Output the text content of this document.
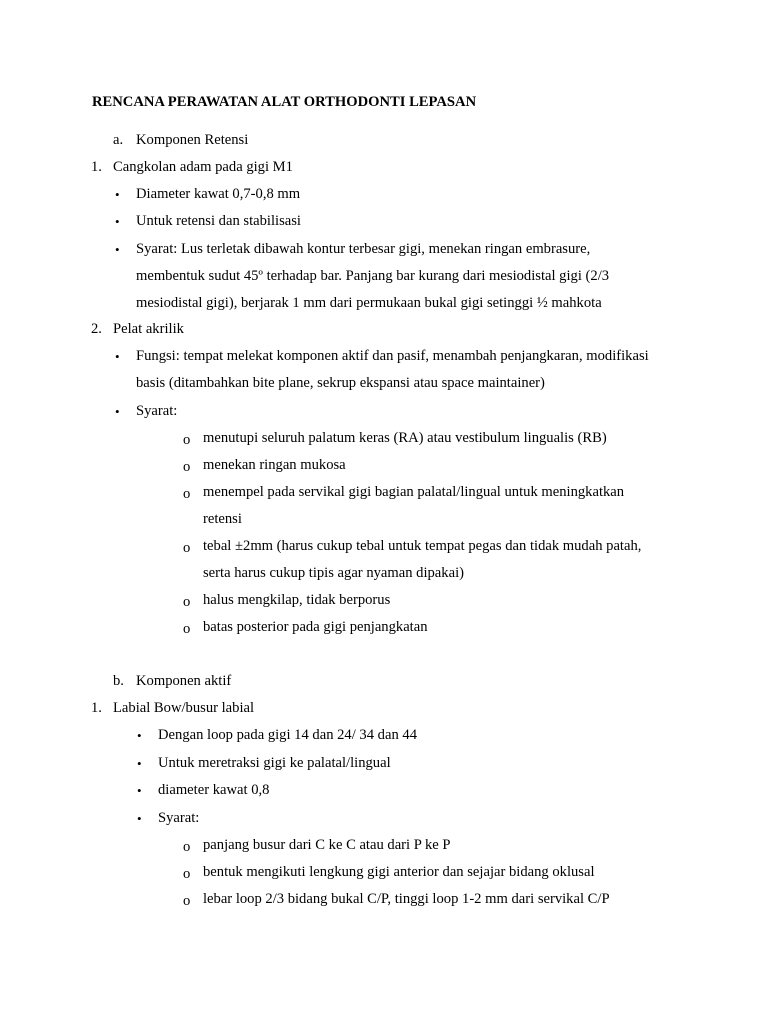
RENCANA PERAWATAN ALAT ORTHODONTI LEPASAN
a. Komponen Retensi
1. Cangkolan adam pada gigi M1
• Diameter kawat 0,7-0,8 mm
• Untuk retensi dan stabilisasi
• Syarat: Lus terletak dibawah kontur terbesar gigi, menekan ringan embrasure,
membentuk sudut 45º terhadap bar. Panjang bar kurang dari mesiodistal gigi (2/3
mesiodistal gigi), berjarak 1 mm dari permukaan bukal gigi setinggi ½ mahkota
2. Pelat akrilik
• Fungsi: tempat melekat komponen aktif dan pasif, menambah penjangkaran, modifikasi
basis (ditambahkan bite plane, sekrup ekspansi atau space maintainer)
• Syarat:
o menutupi seluruh palatum keras (RA) atau vestibulum lingualis (RB)
o menekan ringan mukosa
o menempel pada servikal gigi bagian palatal/lingual untuk meningkatkan
retensi
o tebal ±2mm (harus cukup tebal untuk tempat pegas dan tidak mudah patah,
serta harus cukup tipis agar nyaman dipakai)
o halus mengkilap, tidak berporus
o batas posterior pada gigi penjangkatan
b. Komponen aktif
1. Labial Bow/busur labial
• Dengan loop pada gigi 14 dan 24/ 34 dan 44
• Untuk meretraksi gigi ke palatal/lingual
• diameter kawat 0,8
• Syarat:
o panjang busur dari C ke C atau dari P ke P
o bentuk mengikuti lengkung gigi anterior dan sejajar bidang oklusal
o lebar loop 2/3 bidang bukal C/P, tinggi loop 1-2 mm dari servikal C/P
